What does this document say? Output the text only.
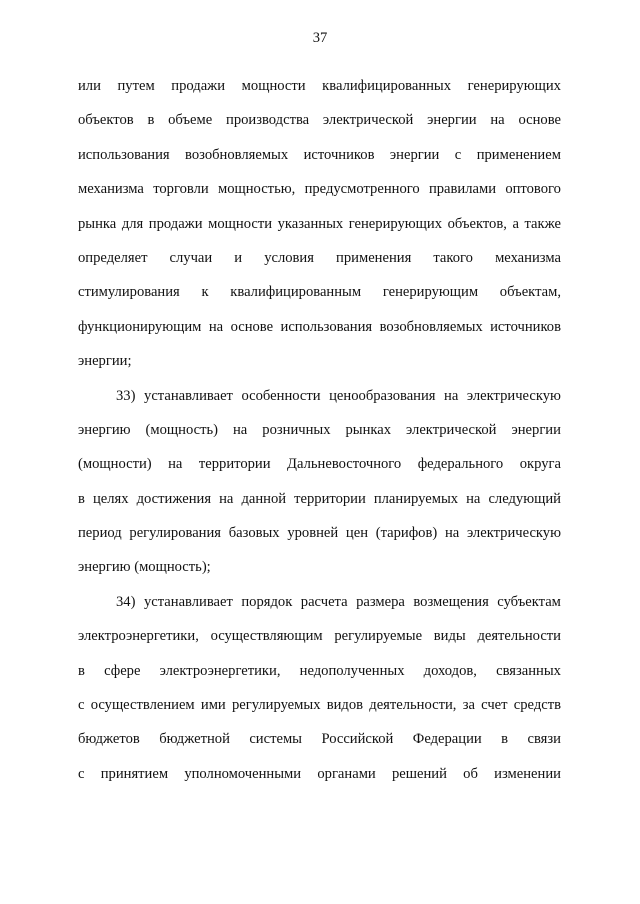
37
или путем продажи мощности квалифицированных генерирующих
объектов в объеме производства электрической энергии на основе
использования возобновляемых источников энергии с применением
механизма торговли мощностью, предусмотренного правилами оптового
рынка для продажи мощности указанных генерирующих объектов, а также
определяет случаи и условия применения такого механизма
стимулирования к квалифицированным генерирующим объектам,
функционирующим на основе использования возобновляемых источников
энергии;
33) устанавливает особенности ценообразования на электрическую
энергию (мощность) на розничных рынках электрической энергии
(мощности) на территории Дальневосточного федерального округа
в целях достижения на данной территории планируемых на следующий
период регулирования базовых уровней цен (тарифов) на электрическую
энергию (мощность);
34) устанавливает порядок расчета размера возмещения субъектам
электроэнергетики, осуществляющим регулируемые виды деятельности
в сфере электроэнергетики, недополученных доходов, связанных
с осуществлением ими регулируемых видов деятельности, за счет средств
бюджетов бюджетной системы Российской Федерации в связи
с принятием уполномоченными органами решений об изменении
